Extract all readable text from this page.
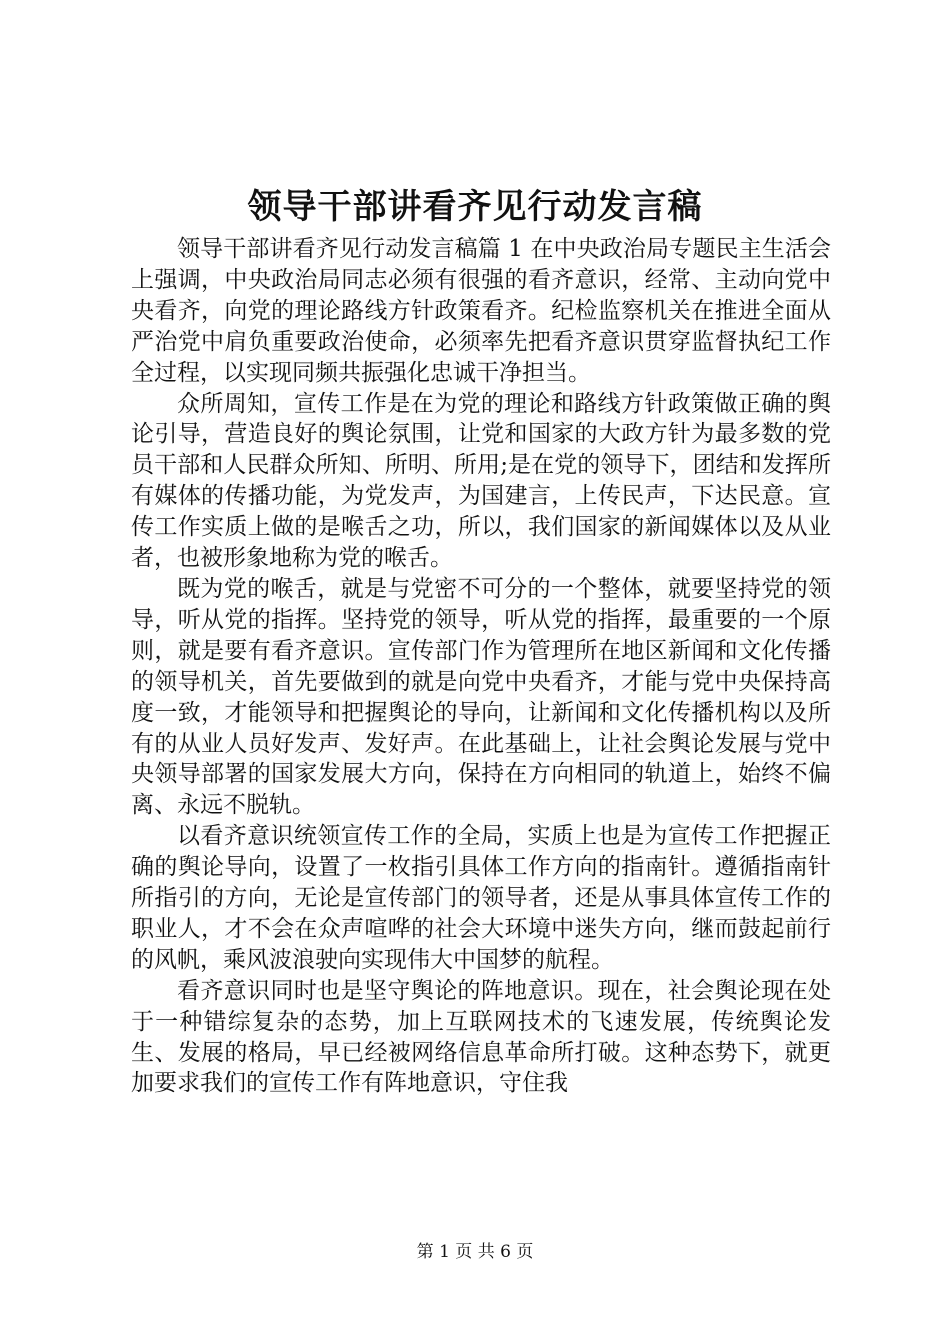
领导干部讲看齐见行动发言稿

领导干部讲看齐见行动发言稿篇 1 在中央政治局专题民主生活会上强调，中央政治局同志必须有很强的看齐意识，经常、主动向党中央看齐，向党的理论路线方针政策看齐。纪检监察机关在推进全面从严治党中肩负重要政治使命，必须率先把看齐意识贯穿监督执纪工作全过程，以实现同频共振强化忠诚干净担当。

众所周知，宣传工作是在为党的理论和路线方针政策做正确的舆论引导，营造良好的舆论氛围，让党和国家的大政方针为最多数的党员干部和人民群众所知、所明、所用;是在党的领导下，团结和发挥所有媒体的传播功能，为党发声，为国建言，上传民声，下达民意。宣传工作实质上做的是喉舌之功，所以，我们国家的新闻媒体以及从业者，也被形象地称为党的喉舌。

既为党的喉舌，就是与党密不可分的一个整体，就要坚持党的领导，听从党的指挥。坚持党的领导，听从党的指挥，最重要的一个原则，就是要有看齐意识。宣传部门作为管理所在地区新闻和文化传播的领导机关，首先要做到的就是向党中央看齐，才能与党中央保持高度一致，才能领导和把握舆论的导向，让新闻和文化传播机构以及所有的从业人员好发声、发好声。在此基础上，让社会舆论发展与党中央领导部署的国家发展大方向，保持在方向相同的轨道上，始终不偏离、永远不脱轨。

以看齐意识统领宣传工作的全局，实质上也是为宣传工作把握正确的舆论导向，设置了一枚指引具体工作方向的指南针。遵循指南针所指引的方向，无论是宣传部门的领导者，还是从事具体宣传工作的职业人，才不会在众声喧哗的社会大环境中迷失方向，继而鼓起前行的风帆，乘风波浪驶向实现伟大中国梦的航程。

看齐意识同时也是坚守舆论的阵地意识。现在，社会舆论现在处于一种错综复杂的态势，加上互联网技术的飞速发展，传统舆论发生、发展的格局，早已经被网络信息革命所打破。这种态势下，就更加要求我们的宣传工作有阵地意识，守住我

第 1 页 共 6 页
